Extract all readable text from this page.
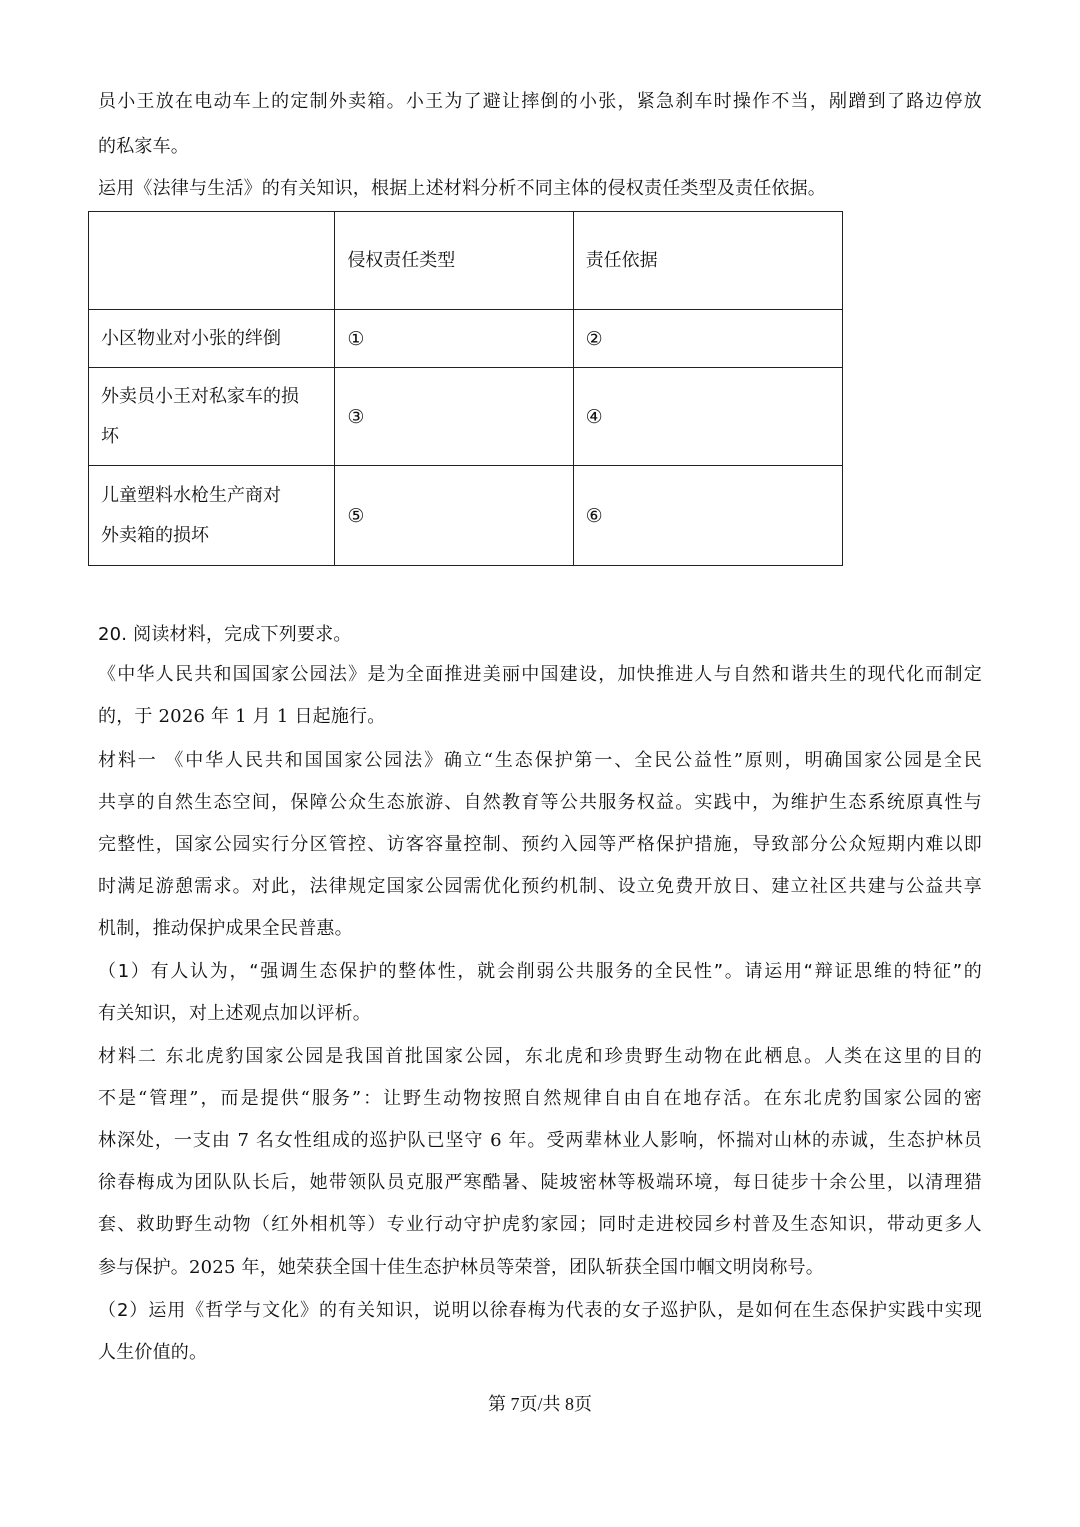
员小王放在电动车上的定制外卖箱。小王为了避让摔倒的小张，紧急刹车时操作不当，剐蹭到了路边停放
的私家车。
运用《法律与生活》的有关知识，根据上述材料分析不同主体的侵权责任类型及责任依据。
	侵权责任类型	责任依据
小区物业对小张的绊倒	①	②
外卖员小王对私家车的损
坏	③	④
儿童塑料水枪生产商对
外卖箱的损坏	⑤	⑥
20. 阅读材料，完成下列要求。
《中华人民共和国国家公园法》是为全面推进美丽中国建设，加快推进人与自然和谐共生的现代化而制定
的，于 2026 年 1 月 1 日起施行。
材料一 《中华人民共和国国家公园法》确立“生态保护第一、全民公益性”原则，明确国家公园是全民
共享的自然生态空间，保障公众生态旅游、自然教育等公共服务权益。实践中，为维护生态系统原真性与
完整性，国家公园实行分区管控、访客容量控制、预约入园等严格保护措施，导致部分公众短期内难以即
时满足游憩需求。对此，法律规定国家公园需优化预约机制、设立免费开放日、建立社区共建与公益共享
机制，推动保护成果全民普惠。
（1）有人认为，“强调生态保护的整体性，就会削弱公共服务的全民性”。请运用“辩证思维的特征”的
有关知识，对上述观点加以评析。
材料二 东北虎豹国家公园是我国首批国家公园，东北虎和珍贵野生动物在此栖息。人类在这里的目的
不是“管理”，而是提供“服务”：让野生动物按照自然规律自由自在地存活。在东北虎豹国家公园的密
林深处，一支由 7 名女性组成的巡护队已坚守 6 年。受两辈林业人影响，怀揣对山林的赤诚，生态护林员
徐春梅成为团队队长后，她带领队员克服严寒酷暑、陡坡密林等极端环境，每日徒步十余公里，以清理猎
套、救助野生动物（红外相机等）专业行动守护虎豹家园；同时走进校园乡村普及生态知识，带动更多人
参与保护。2025 年，她荣获全国十佳生态护林员等荣誉，团队斩获全国巾帼文明岗称号。
（2）运用《哲学与文化》的有关知识，说明以徐春梅为代表的女子巡护队，是如何在生态保护实践中实现
人生价值的。
第 7页/共 8页
